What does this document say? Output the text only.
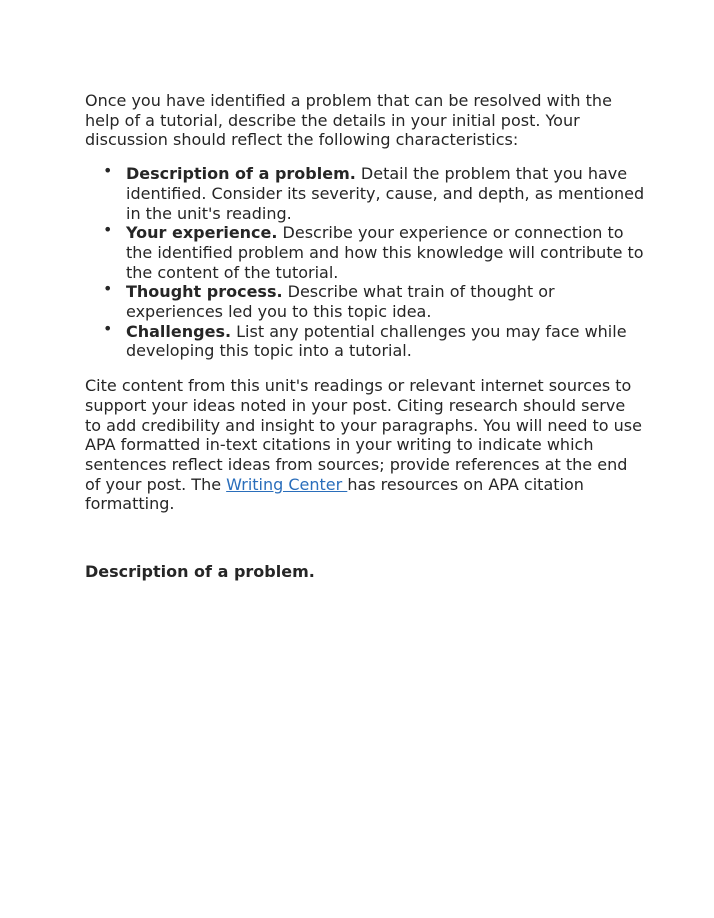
Once you have identified a problem that can be resolved with the help of a tutorial, describe the details in your initial post. Your discussion should reflect the following characteristics:

• Description of a problem. Detail the problem that you have identified. Consider its severity, cause, and depth, as mentioned in the unit's reading.
• Your experience. Describe your experience or connection to the identified problem and how this knowledge will contribute to the content of the tutorial.
• Thought process. Describe what train of thought or experiences led you to this topic idea.
• Challenges. List any potential challenges you may face while developing this topic into a tutorial.

Cite content from this unit's readings or relevant internet sources to support your ideas noted in your post. Citing research should serve to add credibility and insight to your paragraphs. You will need to use APA formatted in-text citations in your writing to indicate which sentences reflect ideas from sources; provide references at the end of your post. The Writing Center has resources on APA citation formatting.

Description of a problem.
